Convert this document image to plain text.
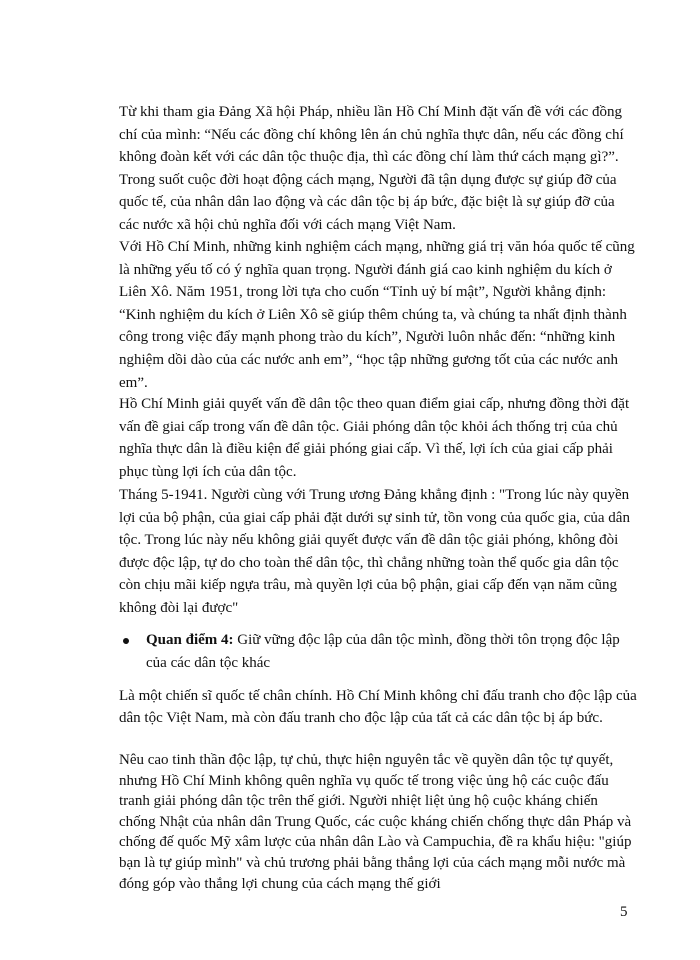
Từ khi tham gia Đảng Xã hội Pháp, nhiều lần Hồ Chí Minh đặt vấn đề với các đồng chí của mình: “Nếu các đồng chí không lên án chủ nghĩa thực dân, nếu các đồng chí không đoàn kết với các dân tộc thuộc địa, thì các đồng chí làm thứ cách mạng gì?”. Trong suốt cuộc đời hoạt động cách mạng, Người đã tận dụng được sự giúp đỡ của quốc tế, của nhân dân lao động và các dân tộc bị áp bức, đặc biệt là sự giúp đỡ của các nước xã hội chủ nghĩa đối với cách mạng Việt Nam.

Với Hồ Chí Minh, những kinh nghiệm cách mạng, những giá trị văn hóa quốc tế cũng là những yếu tố có ý nghĩa quan trọng. Người đánh giá cao kinh nghiệm du kích ở Liên Xô. Năm 1951, trong lời tựa cho cuốn “Tỉnh uỷ bí mật”, Người khẳng định: “Kinh nghiệm du kích ở Liên Xô sẽ giúp thêm chúng ta, và chúng ta nhất định thành công trong việc đẩy mạnh phong trào du kích”, Người luôn nhắc đến: “những kinh nghiệm dồi dào của các nước anh em”, “học tập những gương tốt của các nước anh em”.

Hồ Chí Minh giải quyết vấn đề dân tộc theo quan điểm giai cấp, nhưng đồng thời đặt vấn đề giai cấp trong vấn đề dân tộc. Giải phóng dân tộc khỏi ách thống trị của chủ nghĩa thực dân là điều kiện để giải phóng giai cấp. Vì thế, lợi ích của giai cấp phải phục tùng lợi ích của dân tộc.

Tháng 5-1941. Người cùng với Trung ương Đảng khẳng định : "Trong lúc này quyền lợi của bộ phận, của giai cấp phải đặt dưới sự sinh tử, tồn vong của quốc gia, của dân tộc. Trong lúc này nếu không giải quyết được vấn đề dân tộc giải phóng, không đòi được độc lập, tự do cho toàn thể dân tộc, thì chẳng những toàn thể quốc gia dân tộc còn chịu mãi kiếp ngựa trâu, mà quyền lợi của bộ phận, giai cấp đến vạn năm cũng không đòi lại được"

Quan điểm 4: Giữ vững độc lập của dân tộc mình, đồng thời tôn trọng độc lập của các dân tộc khác

Là một chiến sĩ quốc tế chân chính. Hồ Chí Minh không chỉ đấu tranh cho độc lập của dân tộc Việt Nam, mà còn đấu tranh cho độc lập của tất cả các dân tộc bị áp bức.

Nêu cao tinh thần độc lập, tự chủ, thực hiện nguyên tắc về quyền dân tộc tự quyết, nhưng Hồ Chí Minh không quên nghĩa vụ quốc tế trong việc ủng hộ các cuộc đấu tranh giải phóng dân tộc trên thế giới. Người nhiệt liệt ủng hộ cuộc kháng chiến chống Nhật của nhân dân Trung Quốc, các cuộc kháng chiến chống thực dân Pháp và chống đế quốc Mỹ xâm lược của nhân dân Lào và Campuchia, đề ra khẩu hiệu: "giúp bạn là tự giúp mình" và chủ trương phải bằng thắng lợi của cách mạng mỗi nước mà đóng góp vào thắng lợi chung của cách mạng thế giới

5
